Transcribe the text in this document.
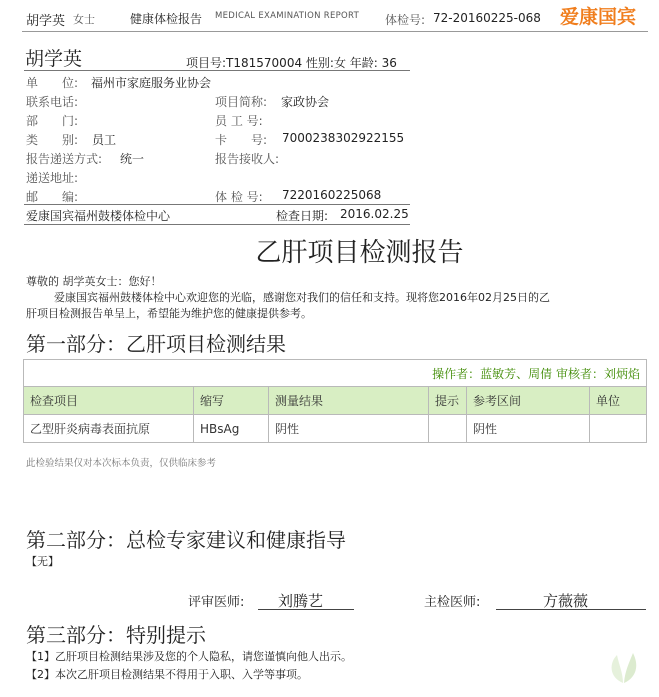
胡学英 女士	健康体检报告 MEDICAL EXAMINATION REPORT 体检号: 72-20160225-068 爱康国宾
胡学英	项目号:T181570004 性别:女 年龄: 36
单　　位: 福州市家庭服务业协会
联系电话:	项目简称: 家政协会
部　　门:	员 工 号:
类　　别: 员工	卡　　号: 7000238302922155
报告递送方式: 统一	报告接收人:
递送地址:
邮　　编:	体 检 号: 7220160225068
爱康国宾福州鼓楼体检中心	检查日期: 2016.02.25
乙肝项目检测报告
尊敬的 胡学英女士：您好！
爱康国宾福州鼓楼体检中心欢迎您的光临，感谢您对我们的信任和支持。现将您2016年02月25日的乙
肝项目检测报告单呈上，希望能为维护您的健康提供参考。
第一部分：乙肝项目检测结果
操作者：蓝敏芳、周倩 审核者：刘炳焰					
检查项目	缩写	测量结果	提示	参考区间	单位
乙型肝炎病毒表面抗原	HBsAg	阴性		阴性	
此检验结果仅对本次标本负责，仅供临床参考
第二部分：总检专家建议和健康指导
【无】
评审医师: 刘腾艺	主检医师:	方薇薇
第三部分：特别提示
【1】乙肝项目检测结果涉及您的个人隐私，请您谨慎向他人出示。
【2】本次乙肝项目检测结果不得用于入职、入学等事项。
